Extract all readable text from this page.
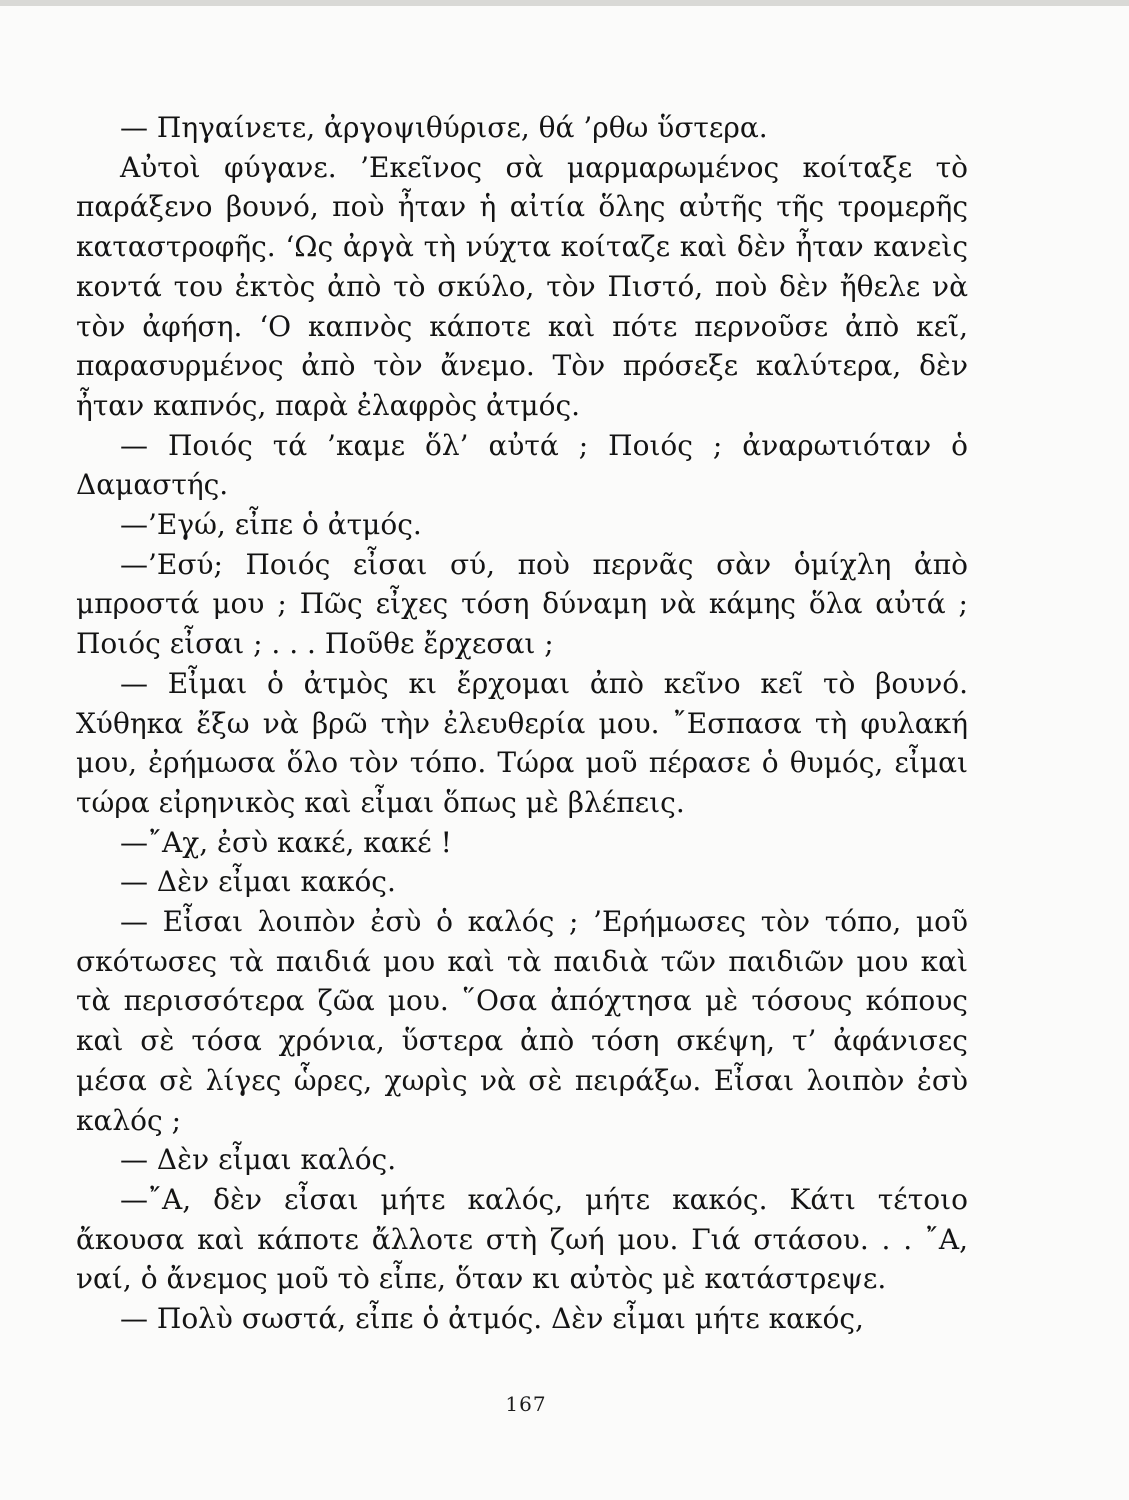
— Πηγαίνετε, ἀργοψιθύρισε, θά ’ρθω ὕστερα.

Αὐτοὶ φύγανε. ’Εκεῖνος σὰ μαρμαρωμένος κοίταξε τὸ παράξενο βουνό, ποὺ ἦταν ἡ αἰτία ὅλης αὐτῆς τῆς τρομερῆς καταστροφῆς. ‘Ως ἀργὰ τὴ νύχτα κοίταζε καὶ δὲν ἦταν κανεὶς κοντά του ἐκτὸς ἀπὸ τὸ σκύλο, τὸν Πιστό, ποὺ δὲν ἤθελε νὰ τὸν ἀφήση. ‘Ο καπνὸς κάποτε καὶ πότε περνοῦσε ἀπὸ κεῖ, παρασυρμένος ἀπὸ τὸν ἄνεμο. Τὸν πρόσεξε καλύτερα, δὲν ἦταν καπνός, παρὰ ἐλαφρὸς ἀτμός.

— Ποιός τά ’καμε ὅλ’ αὐτά ; Ποιός ; ἀναρωτιόταν ὁ Δαμαστής.

—’Εγώ, εἶπε ὁ ἀτμός.

—’Εσύ; Ποιός εἶσαι σύ, ποὺ περνᾶς σὰν ὁμίχλη ἀπὸ μπροστά μου ; Πῶς εἶχες τόση δύναμη νὰ κάμης ὅλα αὐτά ; Ποιός εἶσαι ; . . . Ποῦθε ἔρχεσαι ;

— Εἶμαι ὁ ἀτμὸς κι ἔρχομαι ἀπὸ κεῖνο κεῖ τὸ βουνό. Χύθηκα ἔξω νὰ βρῶ τὴν ἐλευθερία μου. ῎Εσπασα τὴ φυλακή μου, ἐρήμωσα ὅλο τὸν τόπο. Τώρα μοῦ πέρασε ὁ θυμός, εἶμαι τώρα εἰρηνικὸς καὶ εἶμαι ὅπως μὲ βλέπεις.

—῎Αχ, ἐσὺ κακέ, κακέ !

— Δὲν εἶμαι κακός.

— Εἶσαι λοιπὸν ἐσὺ ὁ καλός ; ’Ερήμωσες τὸν τόπο, μοῦ σκότωσες τὰ παιδιά μου καὶ τὰ παιδιὰ τῶν παιδιῶν μου καὶ τὰ περισσότερα ζῶα μου. ῞Οσα ἀπόχτησα μὲ τόσους κόπους καὶ σὲ τόσα χρόνια, ὕστερα ἀπὸ τόση σκέψη, τ’ ἀφάνισες μέσα σὲ λίγες ὧρες, χωρὶς νὰ σὲ πειράξω. Εἶσαι λοιπὸν ἐσὺ καλός ;

— Δὲν εἶμαι καλός.

—῎Α, δὲν εἶσαι μήτε καλός, μήτε κακός. Κάτι τέτοιο ἄκουσα καὶ κάποτε ἄλλοτε στὴ ζωή μου. Γιά στάσου. . . ῎Α, ναί, ὁ ἄνεμος μοῦ τὸ εἶπε, ὅταν κι αὐτὸς μὲ κατάστρεψε.

— Πολὺ σωστά, εἶπε ὁ ἀτμός. Δὲν εἶμαι μήτε κακός,

167
